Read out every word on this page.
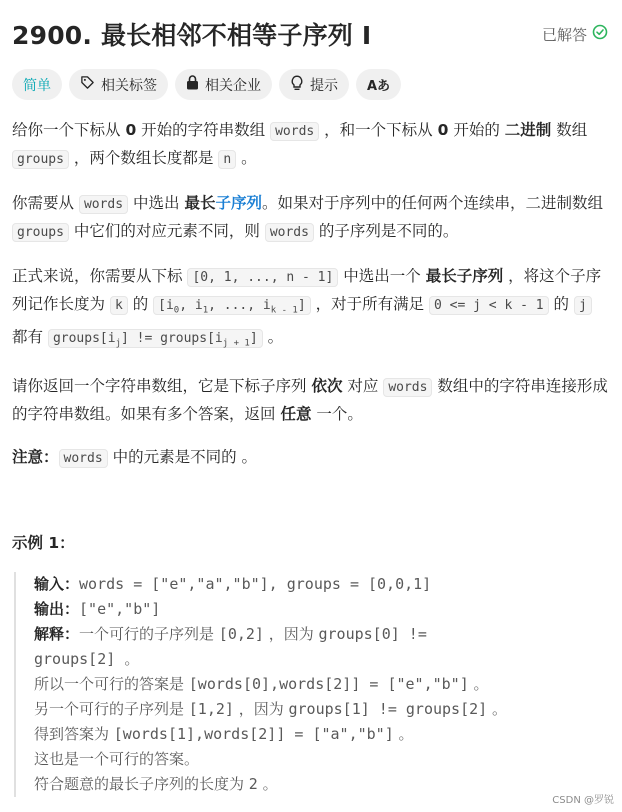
2900. 最长相邻不相等子序列 I	已解答
简单	相关标签	相关企业	提示 Aあ

给你一个下标从 0 开始的字符串数组 words ，和一个下标从 0 开始的 二进制 数组 groups ，两个数组长度都是 n 。

你需要从 words 中选出 最长子序列。如果对于序列中的任何两个连续串，二进制数组 groups 中它们的对应元素不同，则 words 的子序列是不同的。

正式来说，你需要从下标 [0, 1, ..., n - 1] 中选出一个 最长子序列 ，将这个子序列记作长度为 k 的 [$i_0$, $i_1$, ..., $i_{k - 1}$] ，对于所有满足 0 <= j < k - 1 的 j 都有 $groups[i_j]$ != $groups[i_{j + 1}]$ 。

请你返回一个字符串数组，它是下标子序列 依次 对应 words 数组中的字符串连接形成的字符串数组。如果有多个答案，返回 任意 一个。

注意： words 中的元素是不同的 。

示例 1：
输入：words = ["e","a","b"], groups = [0,0,1]
输出：["e","b"]
解释：一个可行的子序列是 [0,2] ，因为 groups[0] !=
groups[2] 。
所以一个可行的答案是 [words[0],words[2]] = ["e","b"] 。
另一个可行的子序列是 [1,2] ，因为 groups[1] != groups[2] 。
得到答案为 [words[1],words[2]] = ["a","b"] 。
这也是一个可行的答案。
符合题意的最长子序列的长度为 2 。
CSDN @罗锐
